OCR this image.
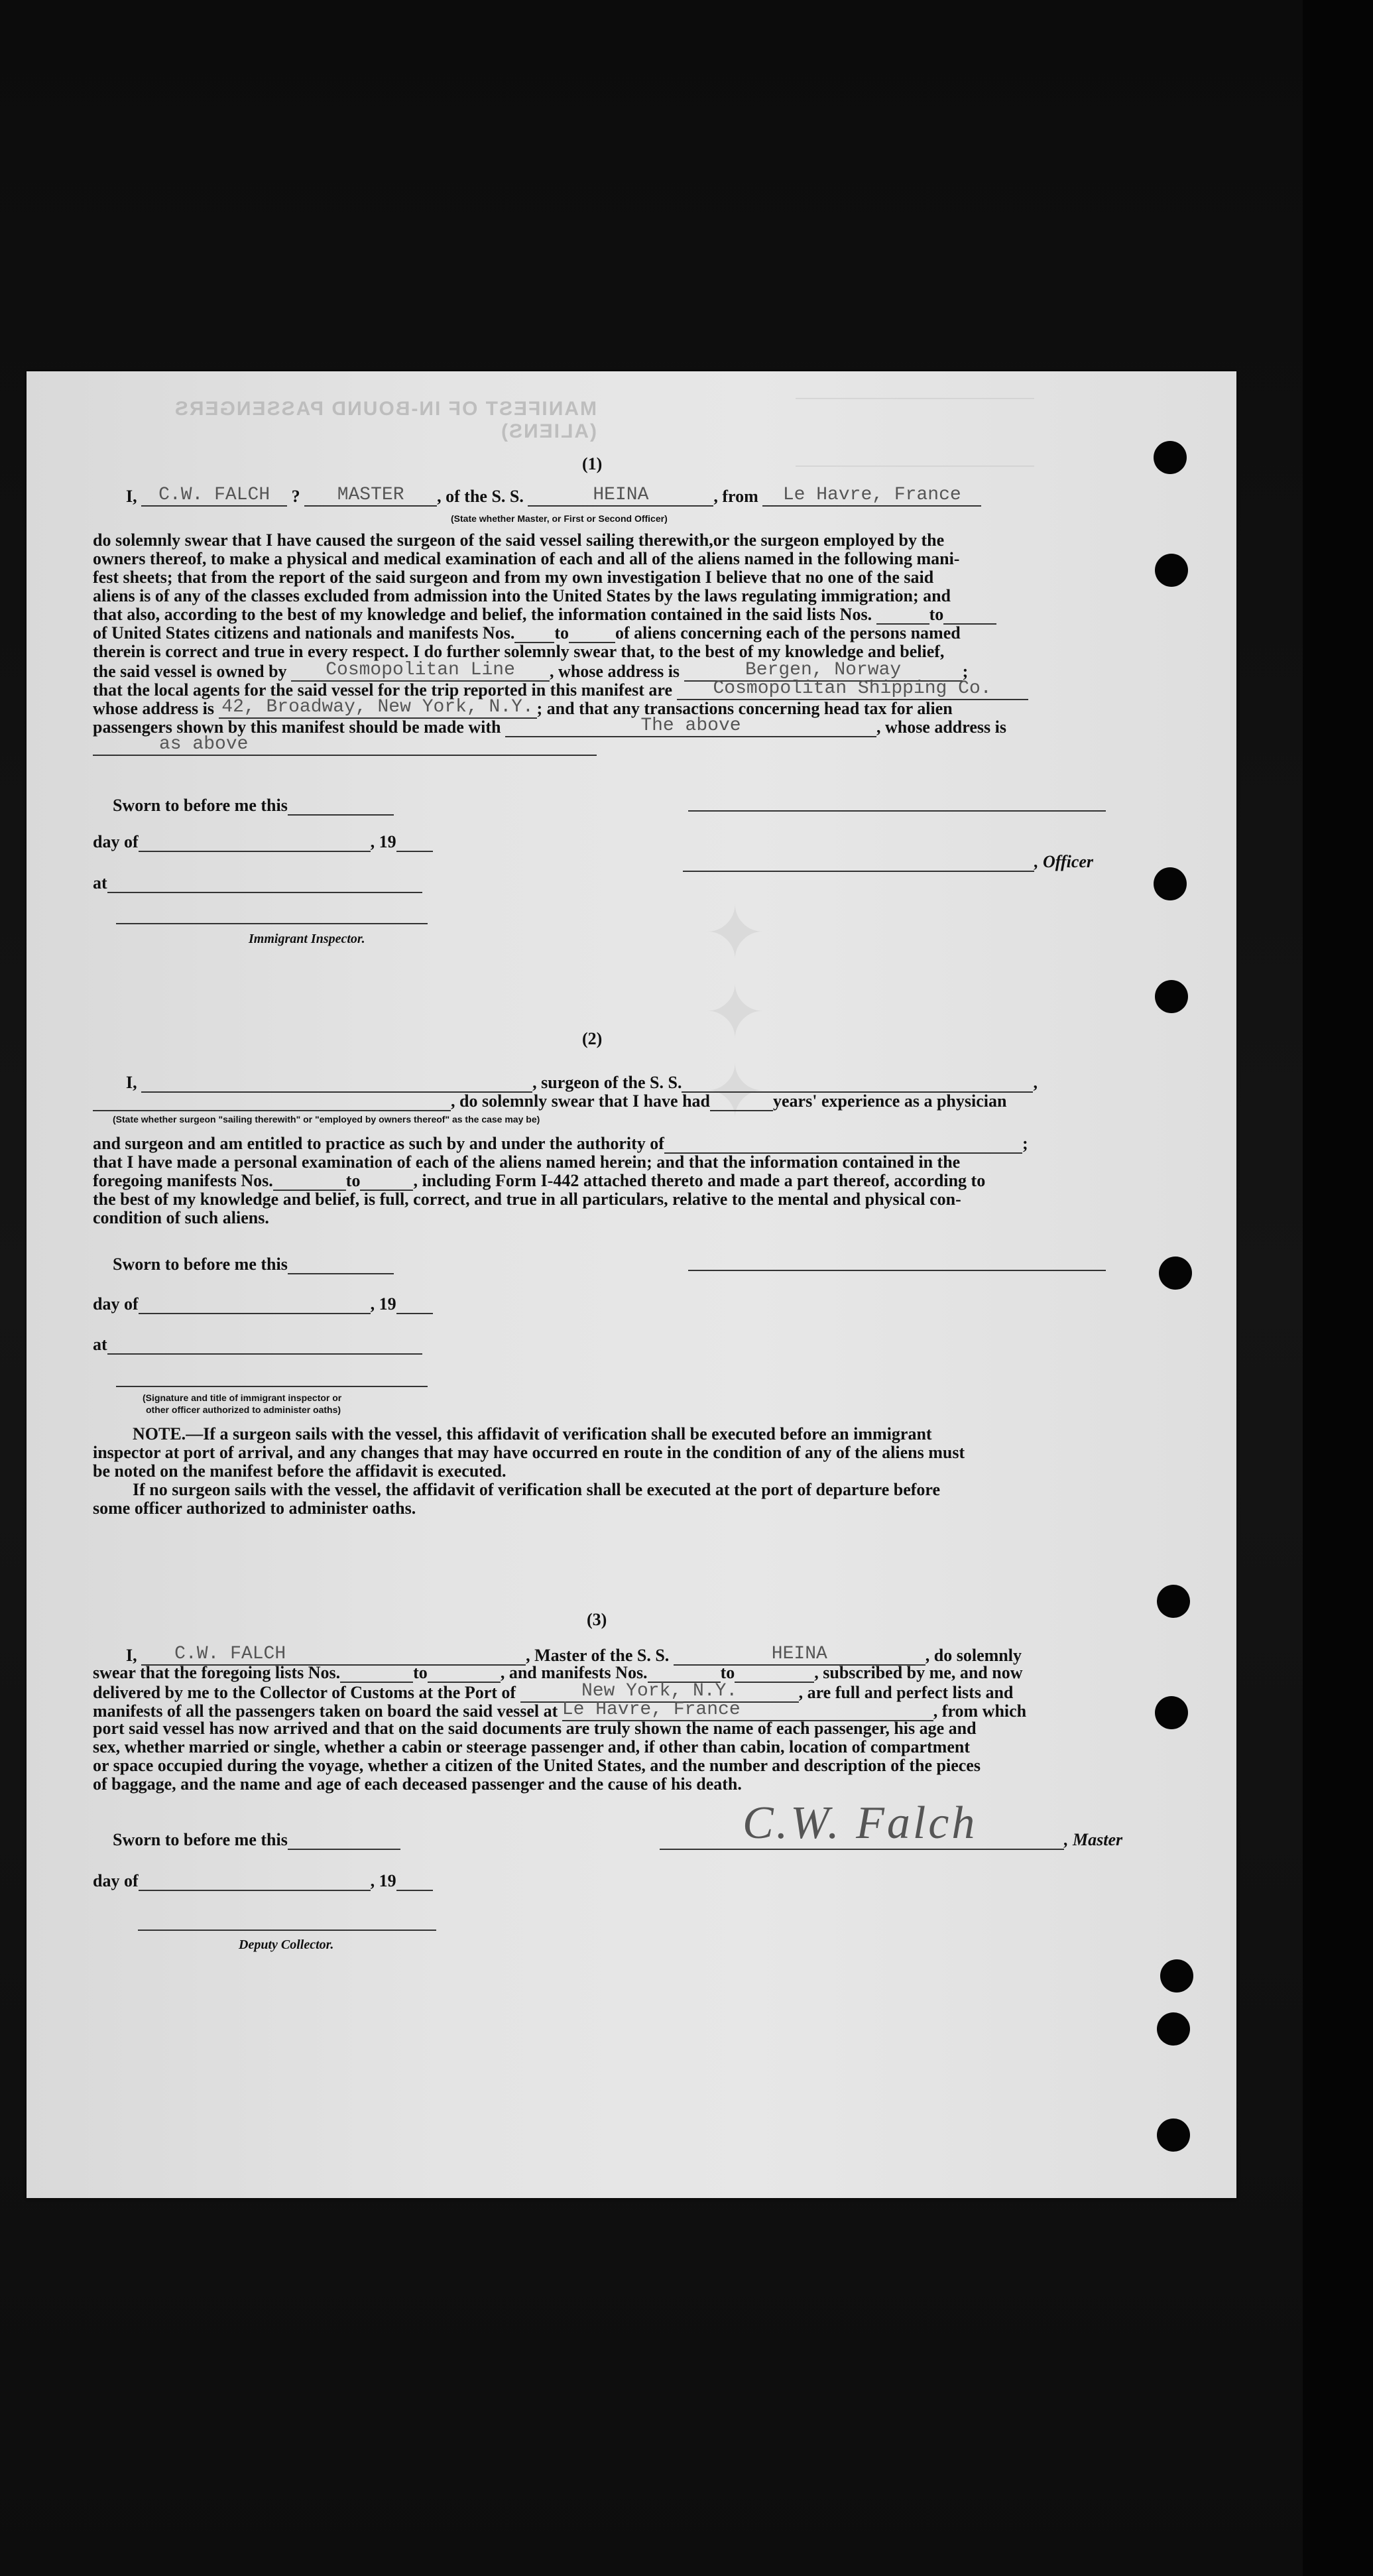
MANIFEST OF IN-BOUND PASSENGERS (ALIENS)
✦ ✦ ✦
(1)
I, C.W. FALCH ? MASTER , of the S. S.	HEINA	, from Le Havre, France
(State whether Master, or First or Second Officer)
do solemnly swear that I have caused the surgeon of the said vessel sailing therewith,or the surgeon employed by the
owners thereof, to make a physical and medical examination of each and all of the aliens named in the following mani-
fest sheets; that from the report of the said surgeon and from my own investigation I believe that no one of the said
aliens is of any of the classes excluded from admission into the United States by the laws regulating immigration; and
that also, according to the best of my knowledge and belief, the information contained in the said lists Nos.	to
of United States citizens and nationals and manifests Nos. to	of aliens concerning each of the persons named
therein is correct and true in every respect. I do further solemnly swear that, to the best of my knowledge and belief,
the said vessel is owned by Cosmopolitan Line , whose address is	Bergen, Norway	;
that the local agents for the said vessel for the trip reported in this manifest are Cosmopolitan Shipping Co.
whose address is 42, Broadway, New York, N.Y. ; and that any transactions concerning head tax for alien
passengers shown by this manifest should be made with	The above	, whose address is
as above
Sworn to before me this
day of	, 19
, Officer
at
Immigrant Inspector.
(2)
I,	, surgeon of the S. S.	,
, do solemnly swear that I have had	years' experience as a physician
(State whether surgeon "sailing therewith" or "employed by owners thereof" as the case may be)
and surgeon and am entitled to practice as such by and under the authority of	;
that I have made a personal examination of each of the aliens named herein; and that the information contained in the
foregoing manifests Nos.	to	, including Form I-442 attached thereto and made a part thereof, according to
the best of my knowledge and belief, is full, correct, and true in all particulars, relative to the mental and physical con-
condition of such aliens.
Sworn to before me this
day of	, 19
at
(Signature and title of immigrant inspector or
other officer authorized to administer oaths)
NOTE.—If a surgeon sails with the vessel, this affidavit of verification shall be executed before an immigrant
inspector at port of arrival, and any changes that may have occurred en route in the condition of any of the aliens must
be noted on the manifest before the affidavit is executed.
If no surgeon sails with the vessel, the affidavit of verification shall be executed at the port of departure before
some officer authorized to administer oaths.
(3)
I, C.W. FALCH	, Master of the S. S.	HEINA	, do solemnly
swear that the foregoing lists Nos.	to	, and manifests Nos.	to	, subscribed by me, and now
delivered by me to the Collector of Customs at the Port of	New York, N.Y.	, are full and perfect lists and
manifests of all the passengers taken on board the said vessel at Le Havre, France	, from which
port said vessel has now arrived and that on the said documents are truly shown the name of each passenger, his age and
sex, whether married or single, whether a cabin or steerage passenger and, if other than cabin, location of compartment
or space occupied during the voyage, whether a citizen of the United States, and the number and description of the pieces
of baggage, and the name and age of each deceased passenger and the cause of his death.
Sworn to before me this	C.W. Falch	, Master
day of	, 19
Deputy Collector.
